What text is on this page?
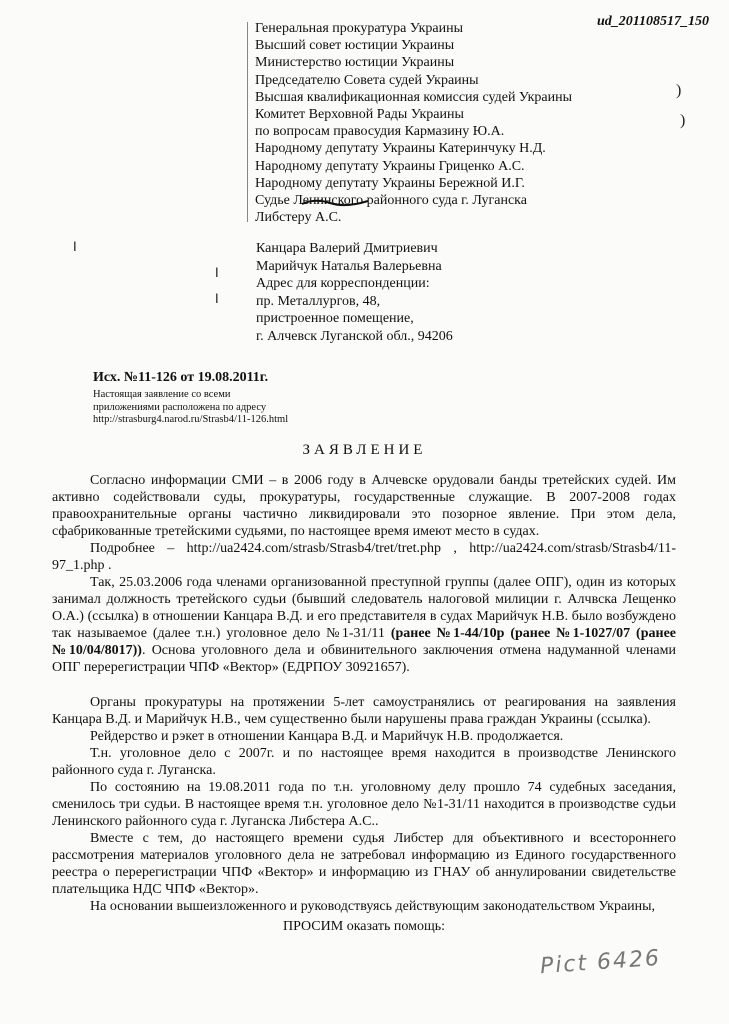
ud_201108517_150
Генеральная прокуратура Украины
Высший совет юстиции Украины
Министерство юстиции Украины
Председателю Совета судей Украины
Высшая квалификационная комиссия судей Украины
Комитет Верховной Рады Украины
по вопросам правосудия Кармазину Ю.А.
Народному депутату Украины Катеринчуку Н.Д.
Народному депутату Украины Гриценко А.С.
Народному депутату Украины Бережной И.Г.
Судье Ленинского районного суда г. Луганска
Либстеру А.С.
╷
╷
╷
)
)
Канцара Валерий Дмитриевич
Марийчук Наталья Валерьевна
Адрес для корреспонденции:
пр. Металлургов, 48,
пристроенное помещение,
г. Алчевск Луганской обл., 94206
Исх. №11-126 от 19.08.2011г.
Настоящая заявление со всеми
приложениями расположена по адресу
http://strasburg4.narod.ru/Strasb4/11-126.html
ЗАЯВЛЕНИЕ

Согласно информации СМИ – в 2006 году в Алчевске орудовали банды третейских судей. Им активно содействовали суды, прокуратуры, государственные служащие. В 2007-2008 годах правоохранительные органы частично ликвидировали это позорное явление. При этом дела, сфабрикованные третейскими судьями, по настоящее время имеют место в судах.

Подробнее – http://ua2424.com/strasb/Strasb4/tret/tret.php , http://ua2424.com/strasb/Strasb4/11-97_1.php .

Так, 25.03.2006 года членами организованной преступной группы (далее ОПГ), один из которых занимал должность третейского судьи (бывший следователь налоговой милиции г. Алчвска Лещенко О.А.) (ссылка) в отношении Канцара В.Д. и его представителя в судах Марийчук Н.В. было возбуждено так называемое (далее т.н.) уголовное дело №1-31/11 (ранее №1-44/10р (ранее №1-1027/07 (ранее №10/04/8017)). Основа уголовного дела и обвинительного заключения отмена надуманной членами ОПГ перерегистрации ЧПФ «Вектор» (ЕДРПОУ 30921657).

Органы прокуратуры на протяжении 5-лет самоустранялись от реагирования на заявления Канцара В.Д. и Марийчук Н.В., чем существенно были нарушены права граждан Украины (ссылка).

Рейдерство и рэкет в отношении Канцара В.Д. и Марийчук Н.В. продолжается.

Т.н. уголовное дело с 2007г. и по настоящее время находится в производстве Ленинского районного суда г. Луганска.

По состоянию на 19.08.2011 года по т.н. уголовному делу прошло 74 судебных заседания, сменилось три судьи. В настоящее время т.н. уголовное дело №1-31/11 находится в производстве судьи Ленинского районного суда г. Луганска Либстера А.С..

Вместе с тем, до настоящего времени судья Либстер для объективного и всестороннего рассмотрения материалов уголовного дела не затребовал информацию из Единого государственного реестра о перерегистрации ЧПФ «Вектор» и информацию из ГНАУ об аннулировании свидетельстве плательщика НДС ЧПФ «Вектор».

На основании вышеизложенного и руководствуясь действующим законодательством Украины,

ПРОСИМ оказать помощь:

Pict 6426
